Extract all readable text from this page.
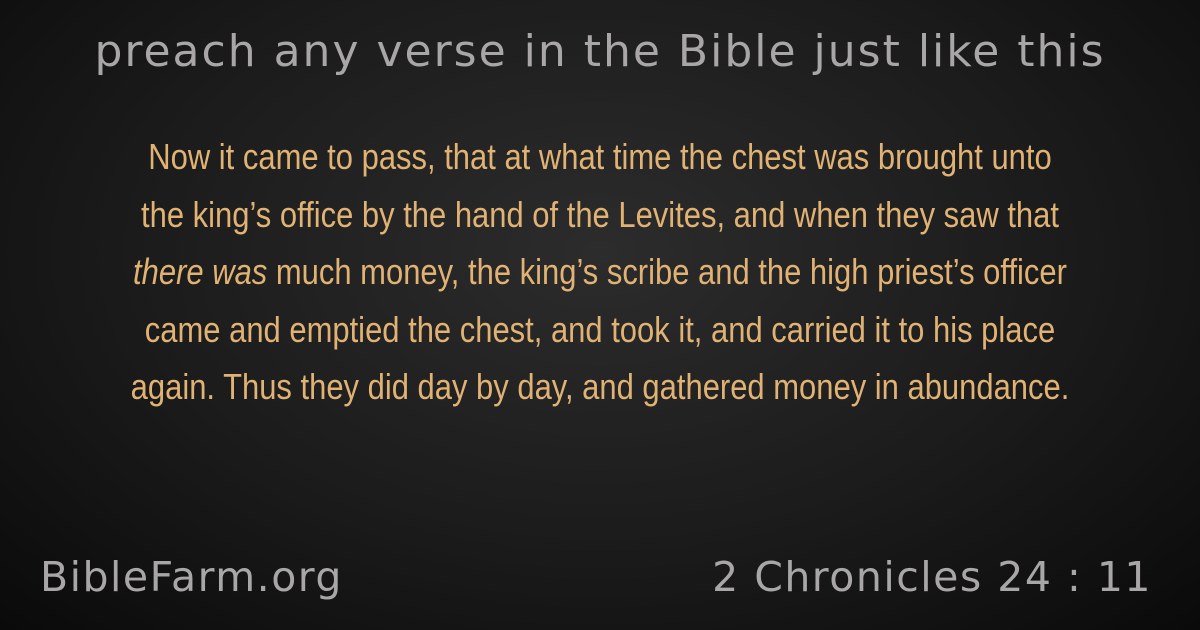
preach any verse in the Bible just like this
Now it came to pass, that at what time the chest was brought unto the king’s office by the hand of the Levites, and when they saw that there was much money, the king’s scribe and the high priest’s officer came and emptied the chest, and took it, and carried it to his place again. Thus they did day by day, and gathered money in abundance.
BibleFarm.org	2 Chronicles 24 : 11
